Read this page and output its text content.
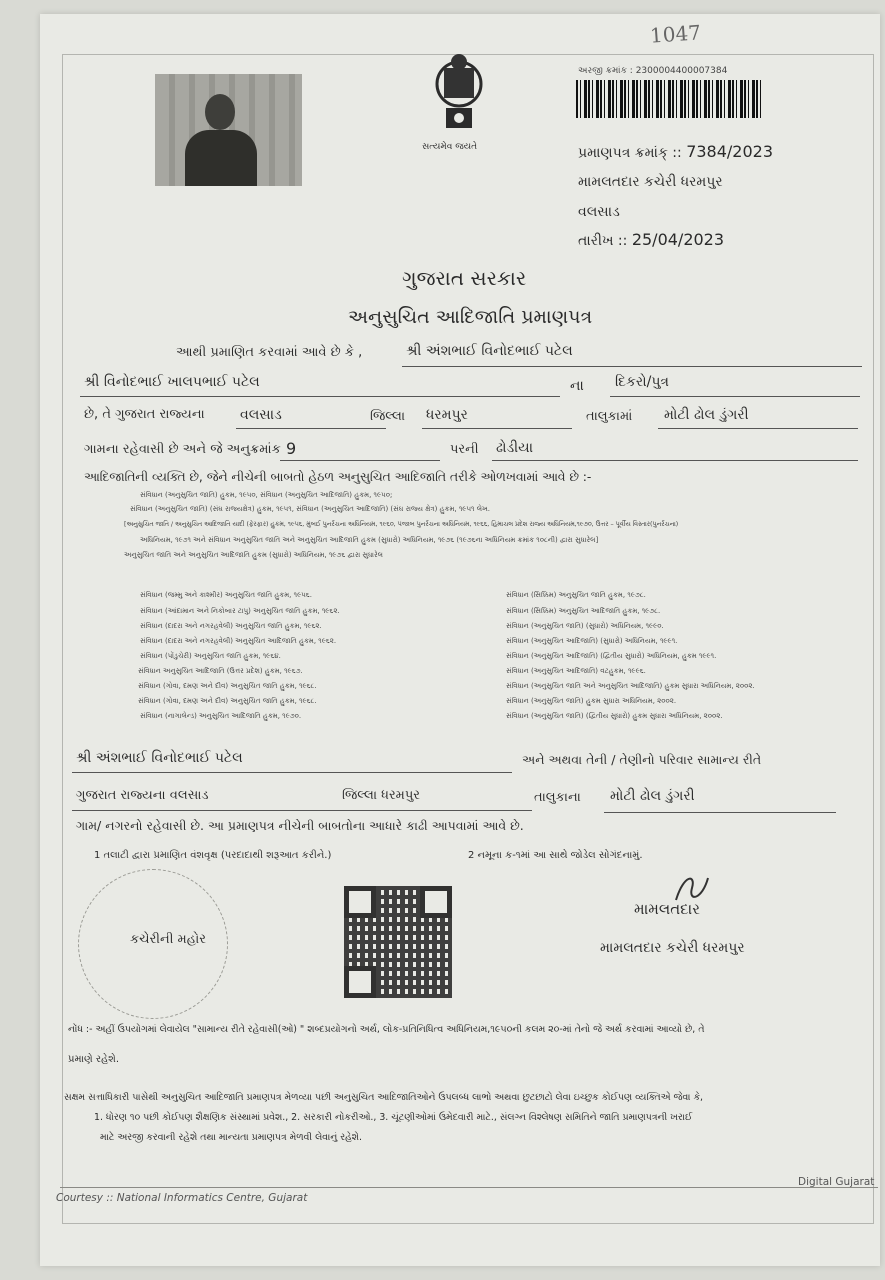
1047
સત્યમેવ જયતે
અરજી ક્રમાંક : 2300004400007384
પ્રમાણપત્ર ક્રમાંક્ :: 7384/2023
મામલતદાર કચેરી ધરમપુર
વલસાડ
તારીખ :: 25/04/2023
ગુજરાત સરકાર
અનુસુચિત આદિજાતિ પ્રમાણપત્ર
આથી પ્રમાણિત કરવામાં આવે છે કે ,	શ્રી અંશભાઈ વિનોદભાઈ પટેલ
શ્રી વિનોદભાઈ ખાલપભાઈ પટેલ	ના દિકરો/પુત્ર
છે, તે ગુજરાત રાજ્યના	વલસાડ	જિલ્લા ધરમપુર	તાલુકામાં મોટી ઢોલ ડુંગરી
ગામના રહેવાસી છે અને જે અનુક્રમાંક 9	પરની ઢોડીયા
આદિજાતિની વ્યક્તિ છે, જેને નીચેની બાબતો હેઠળ અનુસુચિત આદિજાતિ તરીકે ઓળખવામાં આવે છે :-
સંવિધાન (અનુસુચિત જાતિ) હુકમ, ૧૯૫૦, સંવિધાન (અનુસુચિત આદિજાતિ) હુકમ, ૧૯૫૦;
સંવિધાન (અનુસુચિત જાતિ) (સંઘ રાજ્યક્ષેત્ર) હુકમ, ૧૯૫૧, સંવિધાન (અનુસુચિત આદિજાતિ) (સંઘ રાજ્ય ક્ષેત્ર) હુકમ, ૧૯૫૧ લેખ.
[અનુસુચિત જાતિ / અનુસુચિત આદિજાતિ યાદી (ફેરફાર) હુકમ, ૧૯૫૬, મુંબઈ પુનર્રચના અધિનિયમ, ૧૯૬૦, પંજાબ પુનર્રચના અધિનિયમ, ૧૯૬૬, હિમાચલ પ્રદેશ રાજ્ય અધિનિયમ,૧૯૭૦, ઉત્તર – પૂર્વીય વિસ્તાર(પુનર્રચના)
અધિનિયમ, ૧૯૭૧ અને સંવિધાન અનુસુચિત જાતિ અને અનુસુચિત આદિજાતિ હુકમ (સુધારો) અધિનિયમ, ૧૯૭૬ (૧૯૭૬ના અધિનિયમ ક્રમાંક ૧૦૮ની) દ્વારા સુધારેલ]
અનુસુચિત જાતિ અને અનુસુચિત આદિજાતિ હુકમ (સુધારો) અધિનિયમ, ૧૯૭૬ દ્વારા સુધારેલ
સંવિધાન (જમ્મુ અને કાશ્મીર) અનુસુચિત જાતિ હુકમ, ૧૯૫૬.
સંવિધાન (આંદામાન અને નિકોબાર ટાપુ) અનુસુચિત જાતિ હુકમ, ૧૯૬૨.
સંવિધાન (દાદરા અને નગરહવેલી) અનુસુચિત જાતિ હુકમ, ૧૯૬૨.
સંવિધાન (દાદરા અને નગરહવેલી) અનુસુચિત આદિજાતિ હુકમ, ૧૯૬૨.
સંવિધાન (પોંડુચેરી) અનુસુચિત જાતિ હુકમ, ૧૯૬૪.
સંવિધાન અનુસુચિત આદિજાતિ (ઉત્તર પ્રદેશ) હુકમ, ૧૯૬૭.
સંવિધાન (ગોવા, દમણ અને દીવ) અનુસુચિત જાતિ હુકમ, ૧૯૬૮.
સંવિધાન (ગોવા, દમણ અને દીવ) અનુસુચિત જાતિ હુકમ, ૧૯૬૮.
સંવિધાન (નાગાલેન્ડ) અનુસુચિત આદિજાતિ હુકમ, ૧૯૭૦.
સંવિધાન (સિક્કિમ) અનુસુચિત જાતિ હુકમ, ૧૯૭૮.
સંવિધાન (સિક્કિમ) અનુસુચિત આદિજાતિ હુકમ, ૧૯૭૮.
સંવિધાન (અનુસુચિત જાતિ) (સુધારો) અધિનિયમ, ૧૯૯૦.
સંવિધાન (અનુસુચિત આદિજાતિ) (સુધારો) અધિનિયમ, ૧૯૯૧.
સંવિધાન (અનુસુચિત આદિજાતિ) (દ્વિતીય સુધારો) અધિનિયમ, હુકમ ૧૯૯૧.
સંવિધાન (અનુસુચિત આદિજાતિ) વટહુકમ, ૧૯૯૬.
સંવિધાન (અનુસુચિત જાતિ અને અનુસુચિત આદિજાતિ) હુકમ સુધારા અધિનિયમ, ૨૦૦૨.
સંવિધાન (અનુસુચિત જાતિ) હુકમ સુધારા અધિનિયમ, ૨૦૦૨.
સંવિધાન (અનુસુચિત જાતિ) (દ્વિતીય સુધારો) હુકમ સુધારા અધિનિયમ, ૨૦૦૨.
શ્રી અંશભાઈ વિનોદભાઈ પટેલ	અને અથવા તેની / તેણીનો પરિવાર સામાન્ય રીતે
ગુજરાત રાજ્યના વલસાડ	જિલ્લા ધરમપુર	તાલુકાના મોટી ઢોલ ડુંગરી
ગામ/ નગરનો રહેવાસી છે. આ પ્રમાણપત્ર નીચેની બાબતોના આધારે કાઢી આપવામાં આવે છે.
1 તલાટી દ્વારા પ્રમાણિત વંશવૃક્ષ (પરદાદાથી શરૂઆત કરીને.)	2 નમૂના ક-૧માં આ સાથે જોડેલ સોગંદનામું.
કચેરીની મહોર
મામલતદાર
મામલતદાર કચેરી ધરમપુર
નોંધ :- અહીં ઉપયોગમાં લેવાયેલ "સામાન્ય રીતે રહેવાસી(ઓ) " શબ્દપ્રયોગનો અર્થ, લોક-પ્રતિનિધિત્વ અધિનિયમ,૧૯૫૦ની કલમ ૨૦-માં તેનો જે અર્થ કરવામાં આવ્યો છે, તે
પ્રમાણે રહેશે.
સક્ષમ સત્તાધિકારી પાસેથી અનુસુચિત આદિજાતિ પ્રમાણપત્ર મેળવ્યા પછી અનુસુચિત આદિજાતિઓને ઉપલબ્ધ લાભો અથવા છુટછાટો લેવા ઇચ્છુક કોઈપણ વ્યક્તિએ જેવા કે,
1. ધોરણ ૧૦ પછી કોઈપણ શૈક્ષણિક સંસ્થામાં પ્રવેશ., 2. સરકારી નોકરીઓ., 3. ચૂંટણીઓમાં ઉમેદવારી માટે., સંલગ્ન વિશ્લેષણ સમિતિને જાતિ પ્રમાણપત્રની ખરાઈ
માટે અરજી કરવાની રહેશે તથા માન્યતા પ્રમાણપત્ર મેળવી લેવાનું રહેશે.
Courtesy :: National Informatics Centre, Gujarat
Digital Gujarat
